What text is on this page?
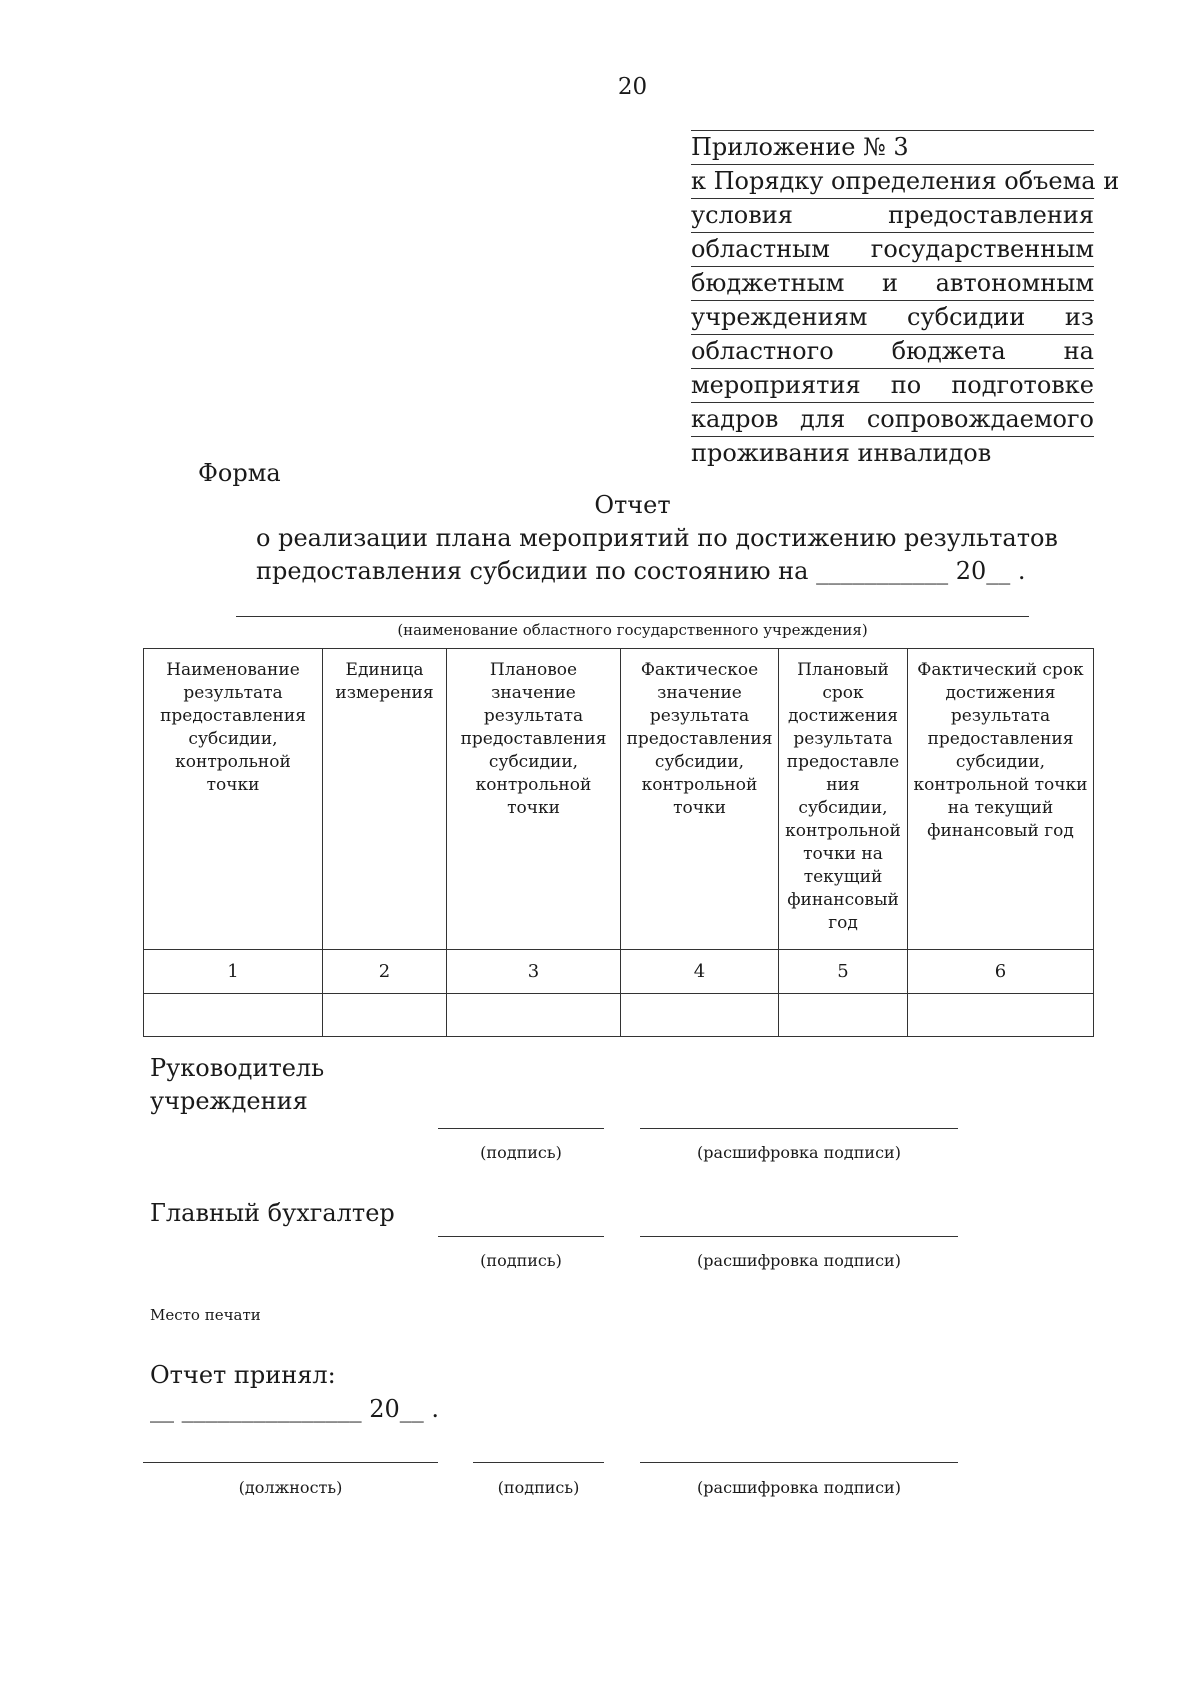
20
Приложение № 3
к Порядку определения объема и
условия предоставления
областным государственным
бюджетным и автономным
учреждениям субсидии из
областного бюджета на
мероприятия по подготовке
кадров для сопровождаемого
проживания инвалидов
Форма
Отчет
о реализации плана мероприятий по достижению результатов
предоставления субсидии по состоянию на ___________ 20__ .
(наименование областного государственного учреждения)
Наименование результата предоставления субсидии, контрольной точки	Единица измерения	Плановое значение результата предоставления субсидии, контрольной точки	Фактическое значение результата предоставления субсидии, контрольной точки	Плановый срок достижения результата предоставле ния субсидии, контрольной точки на текущий финансовый год	Фактический срок достижения результата предоставления субсидии, контрольной точки на текущий финансовый год
1	2	3	4	5	6

Руководитель
учреждения
(подпись)	(расшифровка подписи)
Главный бухгалтер
(подпись)	(расшифровка подписи)
Место печати
Отчет принял:
__ _______________ 20__ .
(должность)	(подпись)	(расшифровка подписи)
